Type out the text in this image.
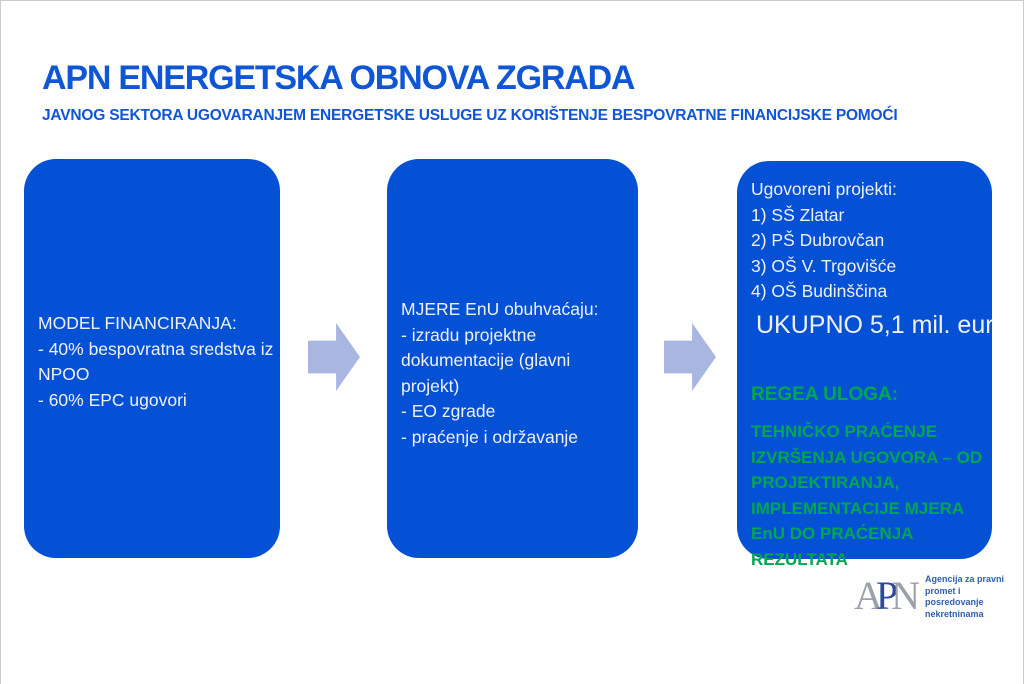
APN ENERGETSKA OBNOVA ZGRADA
JAVNOG SEKTORA UGOVARANJEM ENERGETSKE USLUGE UZ KORIŠTENJE BESPOVRATNE FINANCIJSKE POMOĆI
MODEL FINANCIRANJA:
- 40% bespovratna sredstva iz NPOO
- 60% EPC ugovori
MJERE EnU obuhvaćaju:
- izradu projektne dokumentacije (glavni projekt)
- EO zgrade
- praćenje i održavanje
Ugovoreni projekti:
1) SŠ Zlatar
2) PŠ Dubrovčan
3) OŠ V. Trgovišće
4) OŠ Budinščina
UKUPNO 5,1 mil. eur
REGEA ULOGA:
TEHNIČKO PRAĆENJE IZVRŠENJA UGOVORA – OD PROJEKTIRANJA, IMPLEMENTACIJE MJERA EnU DO PRAĆENJA REZULTATA
APN	Agencija za pravni promet i
posredovanje nekretninama
